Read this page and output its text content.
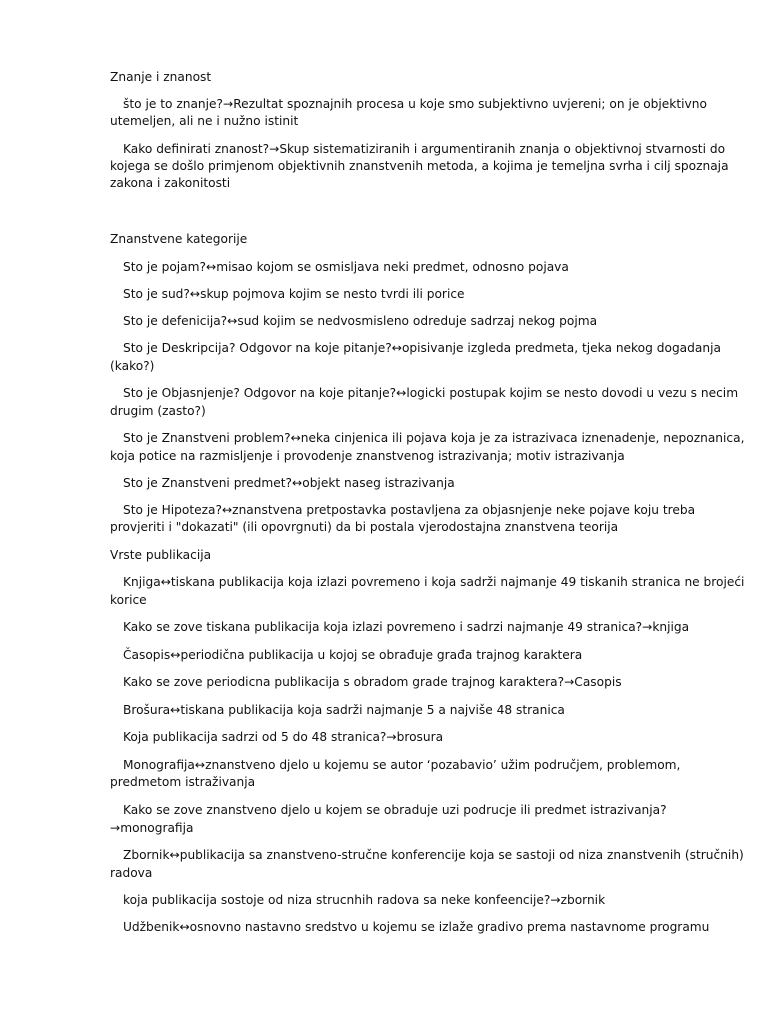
Znanje i znanost
što je to znanje?→Rezultat spoznajnih procesa u koje smo subjektivno uvjereni; on je objektivno
utemeljen, ali ne i nužno istinit
Kako definirati znanost?→Skup sistematiziranih i argumentiranih znanja o objektivnoj stvarnosti do
kojega se došlo primjenom objektivnih znanstvenih metoda, a kojima je temeljna svrha i cilj spoznaja
zakona i zakonitosti
Znanstvene kategorije
Sto je pojam?↔misao kojom se osmisljava neki predmet, odnosno pojava
Sto je sud?↔skup pojmova kojim se nesto tvrdi ili porice
Sto je defenicija?↔sud kojim se nedvosmisleno odreduje sadrzaj nekog pojma
Sto je Deskripcija? Odgovor na koje pitanje?↔opisivanje izgleda predmeta, tjeka nekog dogadanja
(kako?)
Sto je Objasnjenje? Odgovor na koje pitanje?↔logicki postupak kojim se nesto dovodi u vezu s necim
drugim (zasto?)
Sto je Znanstveni problem?↔neka cinjenica ili pojava koja je za istrazivaca iznenadenje, nepoznanica,
koja potice na razmisljenje i provodenje znanstvenog istrazivanja; motiv istrazivanja
Sto je Znanstveni predmet?↔objekt naseg istrazivanja
Sto je Hipoteza?↔znanstvena pretpostavka postavljena za objasnjenje neke pojave koju treba
provjeriti i "dokazati" (ili opovrgnuti) da bi postala vjerodostajna znanstvena teorija
Vrste publikacija
Knjiga↔tiskana publikacija koja izlazi povremeno i koja sadrži najmanje 49 tiskanih stranica ne brojeći
korice
Kako se zove tiskana publikacija koja izlazi povremeno i sadrzi najmanje 49 stranica?→knjiga
Časopis↔periodična publikacija u kojoj se obrađuje građa trajnog karaktera
Kako se zove periodicna publikacija s obradom grade trajnog karaktera?→Casopis
Brošura↔tiskana publikacija koja sadrži najmanje 5 a najviše 48 stranica
Koja publikacija sadrzi od 5 do 48 stranica?→brosura
Monografija↔znanstveno djelo u kojemu se autor ‘pozabavio’ užim područjem, problemom,
predmetom istraživanja
Kako se zove znanstveno djelo u kojem se obraduje uzi podrucje ili predmet istrazivanja?
→monografija
Zbornik↔publikacija sa znanstveno-stručne konferencije koja se sastoji od niza znanstvenih (stručnih)
radova
koja publikacija sostoje od niza strucnhih radova sa neke konfeencije?→zbornik
Udžbenik↔osnovno nastavno sredstvo u kojemu se izlaže gradivo prema nastavnome programu
